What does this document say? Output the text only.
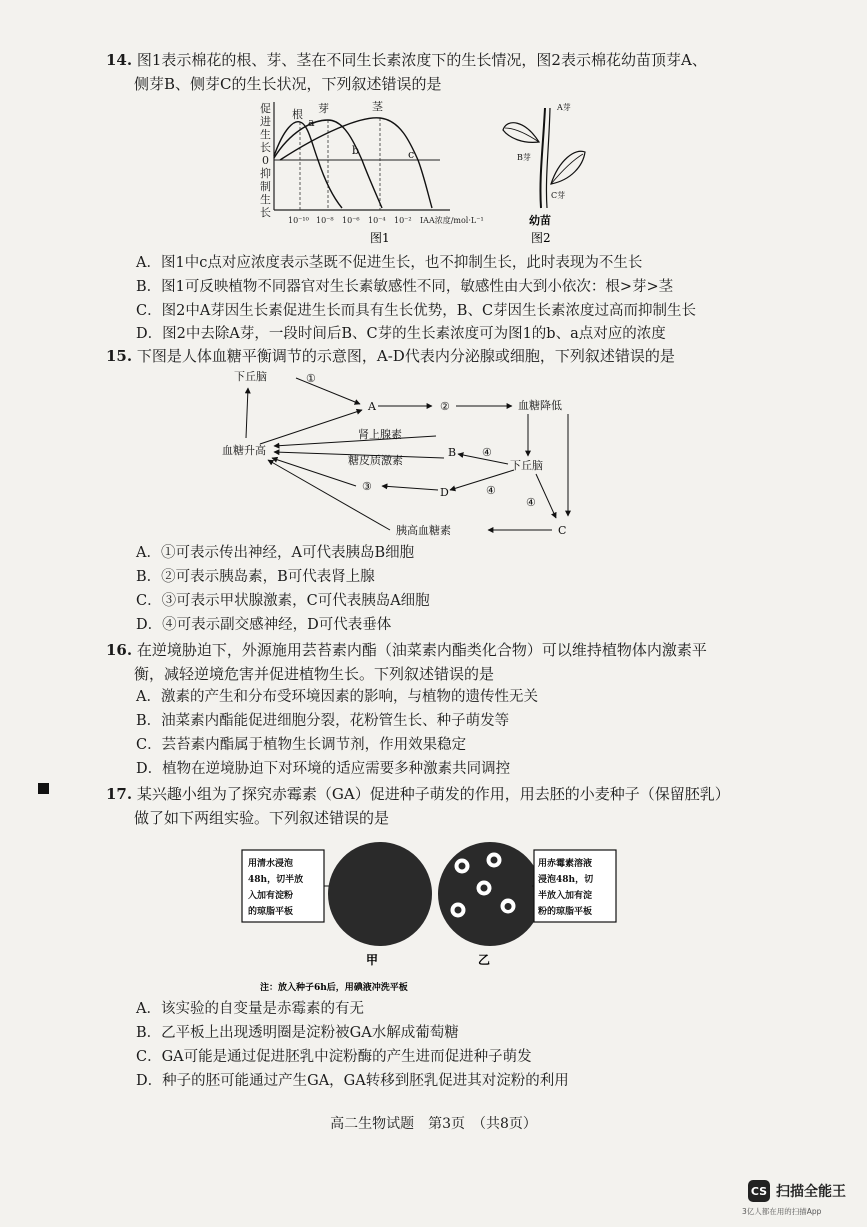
14. 图1表示棉花的根、芽、茎在不同生长素浓度下的生长情况，图2表示棉花幼苗顶芽A、
侧芽B、侧芽C的生长状况，下列叙述错误的是
促
进
生
长
0
抑
制
生
长
根 芽	茎
a
b	c
10⁻¹⁰ 10⁻⁸ 10⁻⁶ 10⁻⁴ 10⁻² IAA浓度/mol·L⁻¹
图1
A芽
B芽
C芽
幼苗
图2
A．图1中c点对应浓度表示茎既不促进生长，也不抑制生长，此时表现为不生长
B．图1可反映植物不同器官对生长素敏感性不同，敏感性由大到小依次：根>芽>茎
C．图2中A芽因生长素促进生长而具有生长优势，B、C芽因生长素浓度过高而抑制生长
D．图2中去除A芽，一段时间后B、C芽的生长素浓度可为图1的b、a点对应的浓度
15. 下图是人体血糖平衡调节的示意图，A-D代表内分泌腺或细胞，下列叙述错误的是
下丘脑	①
A	②	血糖降低
肾上腺素
血糖升高	B ④
糖皮质激素	下丘脑
③	D	④
④
胰高血糖素	C
A．①可表示传出神经，A可代表胰岛B细胞
B．②可表示胰岛素，B可代表肾上腺
C．③可表示甲状腺激素，C可代表胰岛A细胞
D．④可表示副交感神经，D可代表垂体
16. 在逆境胁迫下，外源施用芸苔素内酯（油菜素内酯类化合物）可以维持植物体内激素平
衡，减轻逆境危害并促进植物生长。下列叙述错误的是
A．激素的产生和分布受环境因素的影响，与植物的遗传性无关
B．油菜素内酯能促进细胞分裂，花粉管生长、种子萌发等
C．芸苔素内酯属于植物生长调节剂，作用效果稳定
D．植物在逆境胁迫下对环境的适应需要多种激素共同调控
17. 某兴趣小组为了探究赤霉素（GA）促进种子萌发的作用，用去胚的小麦种子（保留胚乳）
做了如下两组实验。下列叙述错误的是
用清水浸泡
48h，切半放
入加有淀粉
的琼脂平板
用赤霉素溶液
浸泡48h，切
半放入加有淀
粉的琼脂平板
甲	乙
注：放入种子6h后，用碘液冲洗平板
A．该实验的自变量是赤霉素的有无
B．乙平板上出现透明圈是淀粉被GA水解成葡萄糖
C．GA可能是通过促进胚乳中淀粉酶的产生进而促进种子萌发
D．种子的胚可能通过产生GA，GA转移到胚乳促进其对淀粉的利用
高二生物试题　第3页　（共8页）
CS 扫描全能王
3亿人都在用的扫描App
